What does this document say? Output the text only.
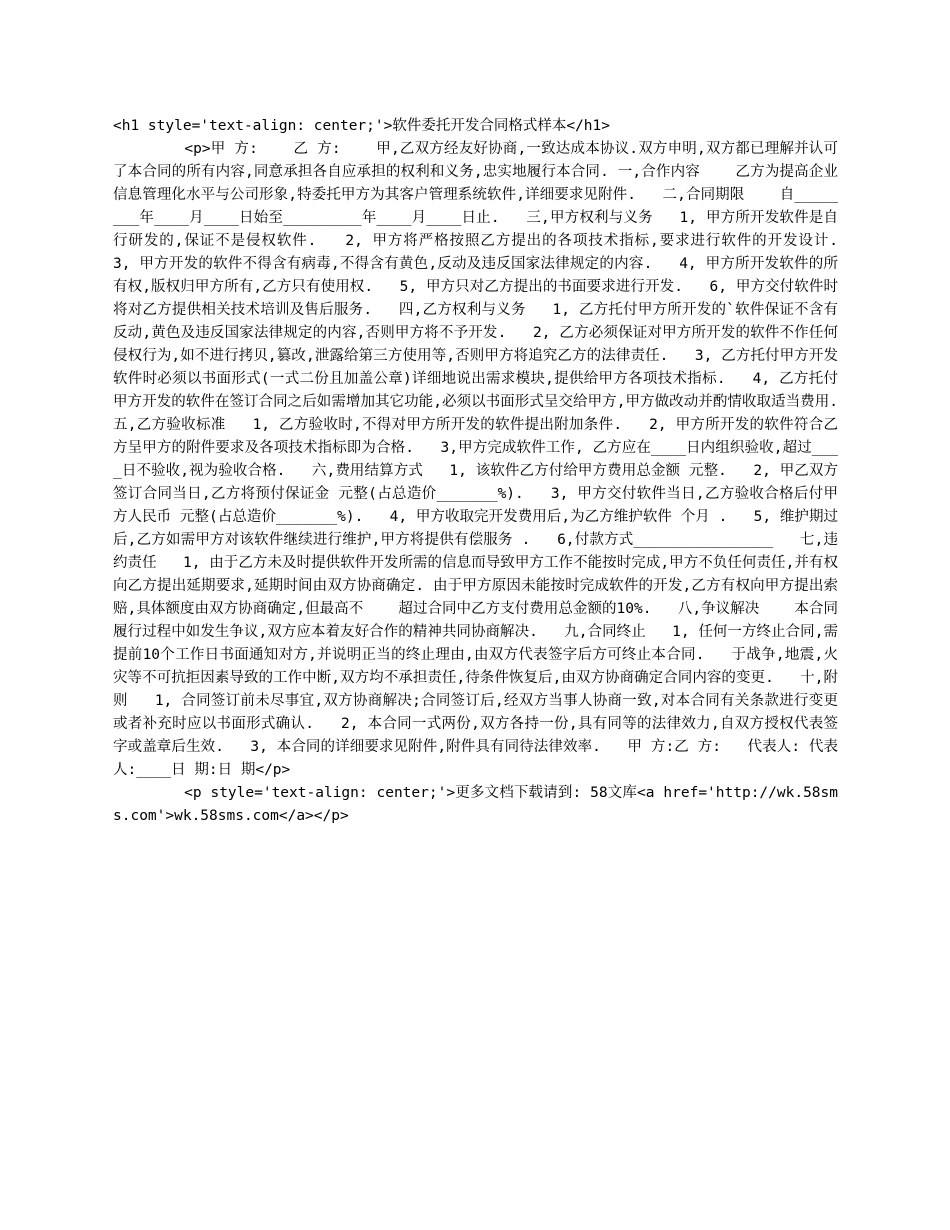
<h1 style='text-align: center;'>软件委托开发合同格式样本</h1>

<p>甲 方:    乙 方:    甲,乙双方经友好协商,一致达成本协议.双方申明,双方都已理解并认可了本合同的所有内容,同意承担各自应承担的权利和义务,忠实地履行本合同. 一,合作内容    乙方为提高企业信息管理化水平与公司形象,特委托甲方为其客户管理系统软件,详细要求见附件.   二,合同期限    自________年____月____日始至_________年____月____日止.   三,甲方权利与义务   1, 甲方所开发软件是自行研发的,保证不是侵权软件.   2, 甲方将严格按照乙方提出的各项技术指标,要求进行软件的开发设计.   3, 甲方开发的软件不得含有病毒,不得含有黄色,反动及违反国家法律规定的内容.   4, 甲方所开发软件的所有权,版权归甲方所有,乙方只有使用权.   5, 甲方只对乙方提出的书面要求进行开发.   6, 甲方交付软件时将对乙方提供相关技术培训及售后服务.   四,乙方权利与义务   1, 乙方托付甲方所开发的`软件保证不含有反动,黄色及违反国家法律规定的内容,否则甲方将不予开发.   2, 乙方必须保证对甲方所开发的软件不作任何侵权行为,如不进行拷贝,篡改,泄露给第三方使用等,否则甲方将追究乙方的法律责任.   3, 乙方托付甲方开发软件时必须以书面形式(一式二份且加盖公章)详细地说出需求模块,提供给甲方各项技术指标.   4, 乙方托付甲方开发的软件在签订合同之后如需增加其它功能,必须以书面形式呈交给甲方,甲方做改动并酌情收取适当费用.   五,乙方验收标准   1, 乙方验收时,不得对甲方所开发的软件提出附加条件.   2, 甲方所开发的软件符合乙方呈甲方的附件要求及各项技术指标即为合格.   3,甲方完成软件工作, 乙方应在____日内组织验收,超过____日不验收,视为验收合格.   六,费用结算方式   1, 该软件乙方付给甲方费用总金额 元整.   2, 甲乙双方签订合同当日,乙方将预付保证金 元整(占总造价_______%).   3, 甲方交付软件当日,乙方验收合格后付甲方人民币 元整(占总造价_______%).   4, 甲方收取完开发费用后,为乙方维护软件 个月 .   5, 维护期过后,乙方如需甲方对该软件继续进行维护,甲方将提供有偿服务 .   6,付款方式________________   七,违约责任   1, 由于乙方未及时提供软件开发所需的信息而导致甲方工作不能按时完成,甲方不负任何责任,并有权向乙方提出延期要求,延期时间由双方协商确定. 由于甲方原因未能按时完成软件的开发,乙方有权向甲方提出索赔,具体额度由双方协商确定,但最高不    超过合同中乙方支付费用总金额的10%.   八,争议解决    本合同履行过程中如发生争议,双方应本着友好合作的精神共同协商解决.   九,合同终止   1, 任何一方终止合同,需提前10个工作日书面通知对方,并说明正当的终止理由,由双方代表签字后方可终止本合同.   于战争,地震,火灾等不可抗拒因素导致的工作中断,双方均不承担责任,待条件恢复后,由双方协商确定合同内容的变更.   十,附则   1, 合同签订前未尽事宜,双方协商解决;合同签订后,经双方当事人协商一致,对本合同有关条款进行变更或者补充时应以书面形式确认.   2, 本合同一式两份,双方各持一份,具有同等的法律效力,自双方授权代表签字或盖章后生效.   3, 本合同的详细要求见附件,附件具有同待法律效率.   甲 方:乙 方:   代表人: 代表人:____日 期:日 期</p>

<p style='text-align: center;'>更多文档下载请到: 58文库<a href='http://wk.58sms.com'>wk.58sms.com</a></p>
